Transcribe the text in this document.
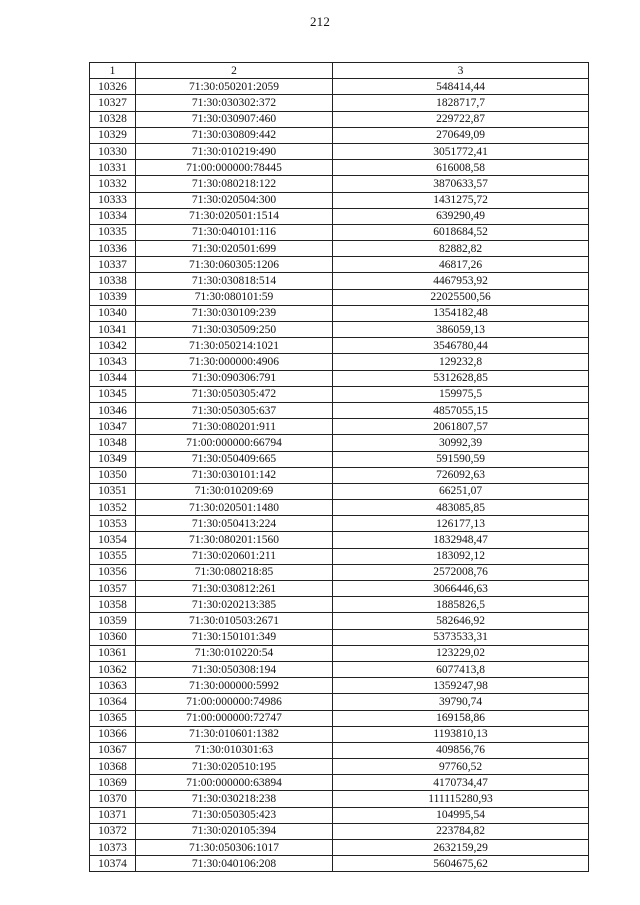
212
1	2	3
10326	71:30:050201:2059	548414,44
10327	71:30:030302:372	1828717,7
10328	71:30:030907:460	229722,87
10329	71:30:030809:442	270649,09
10330	71:30:010219:490	3051772,41
10331	71:00:000000:78445	616008,58
10332	71:30:080218:122	3870633,57
10333	71:30:020504:300	1431275,72
10334	71:30:020501:1514	639290,49
10335	71:30:040101:116	6018684,52
10336	71:30:020501:699	82882,82
10337	71:30:060305:1206	46817,26
10338	71:30:030818:514	4467953,92
10339	71:30:080101:59	22025500,56
10340	71:30:030109:239	1354182,48
10341	71:30:030509:250	386059,13
10342	71:30:050214:1021	3546780,44
10343	71:30:000000:4906	129232,8
10344	71:30:090306:791	5312628,85
10345	71:30:050305:472	159975,5
10346	71:30:050305:637	4857055,15
10347	71:30:080201:911	2061807,57
10348	71:00:000000:66794	30992,39
10349	71:30:050409:665	591590,59
10350	71:30:030101:142	726092,63
10351	71:30:010209:69	66251,07
10352	71:30:020501:1480	483085,85
10353	71:30:050413:224	126177,13
10354	71:30:080201:1560	1832948,47
10355	71:30:020601:211	183092,12
10356	71:30:080218:85	2572008,76
10357	71:30:030812:261	3066446,63
10358	71:30:020213:385	1885826,5
10359	71:30:010503:2671	582646,92
10360	71:30:150101:349	5373533,31
10361	71:30:010220:54	123229,02
10362	71:30:050308:194	6077413,8
10363	71:30:000000:5992	1359247,98
10364	71:00:000000:74986	39790,74
10365	71:00:000000:72747	169158,86
10366	71:30:010601:1382	1193810,13
10367	71:30:010301:63	409856,76
10368	71:30:020510:195	97760,52
10369	71:00:000000:63894	4170734,47
10370	71:30:030218:238	111115280,93
10371	71:30:050305:423	104995,54
10372	71:30:020105:394	223784,82
10373	71:30:050306:1017	2632159,29
10374	71:30:040106:208	5604675,62
